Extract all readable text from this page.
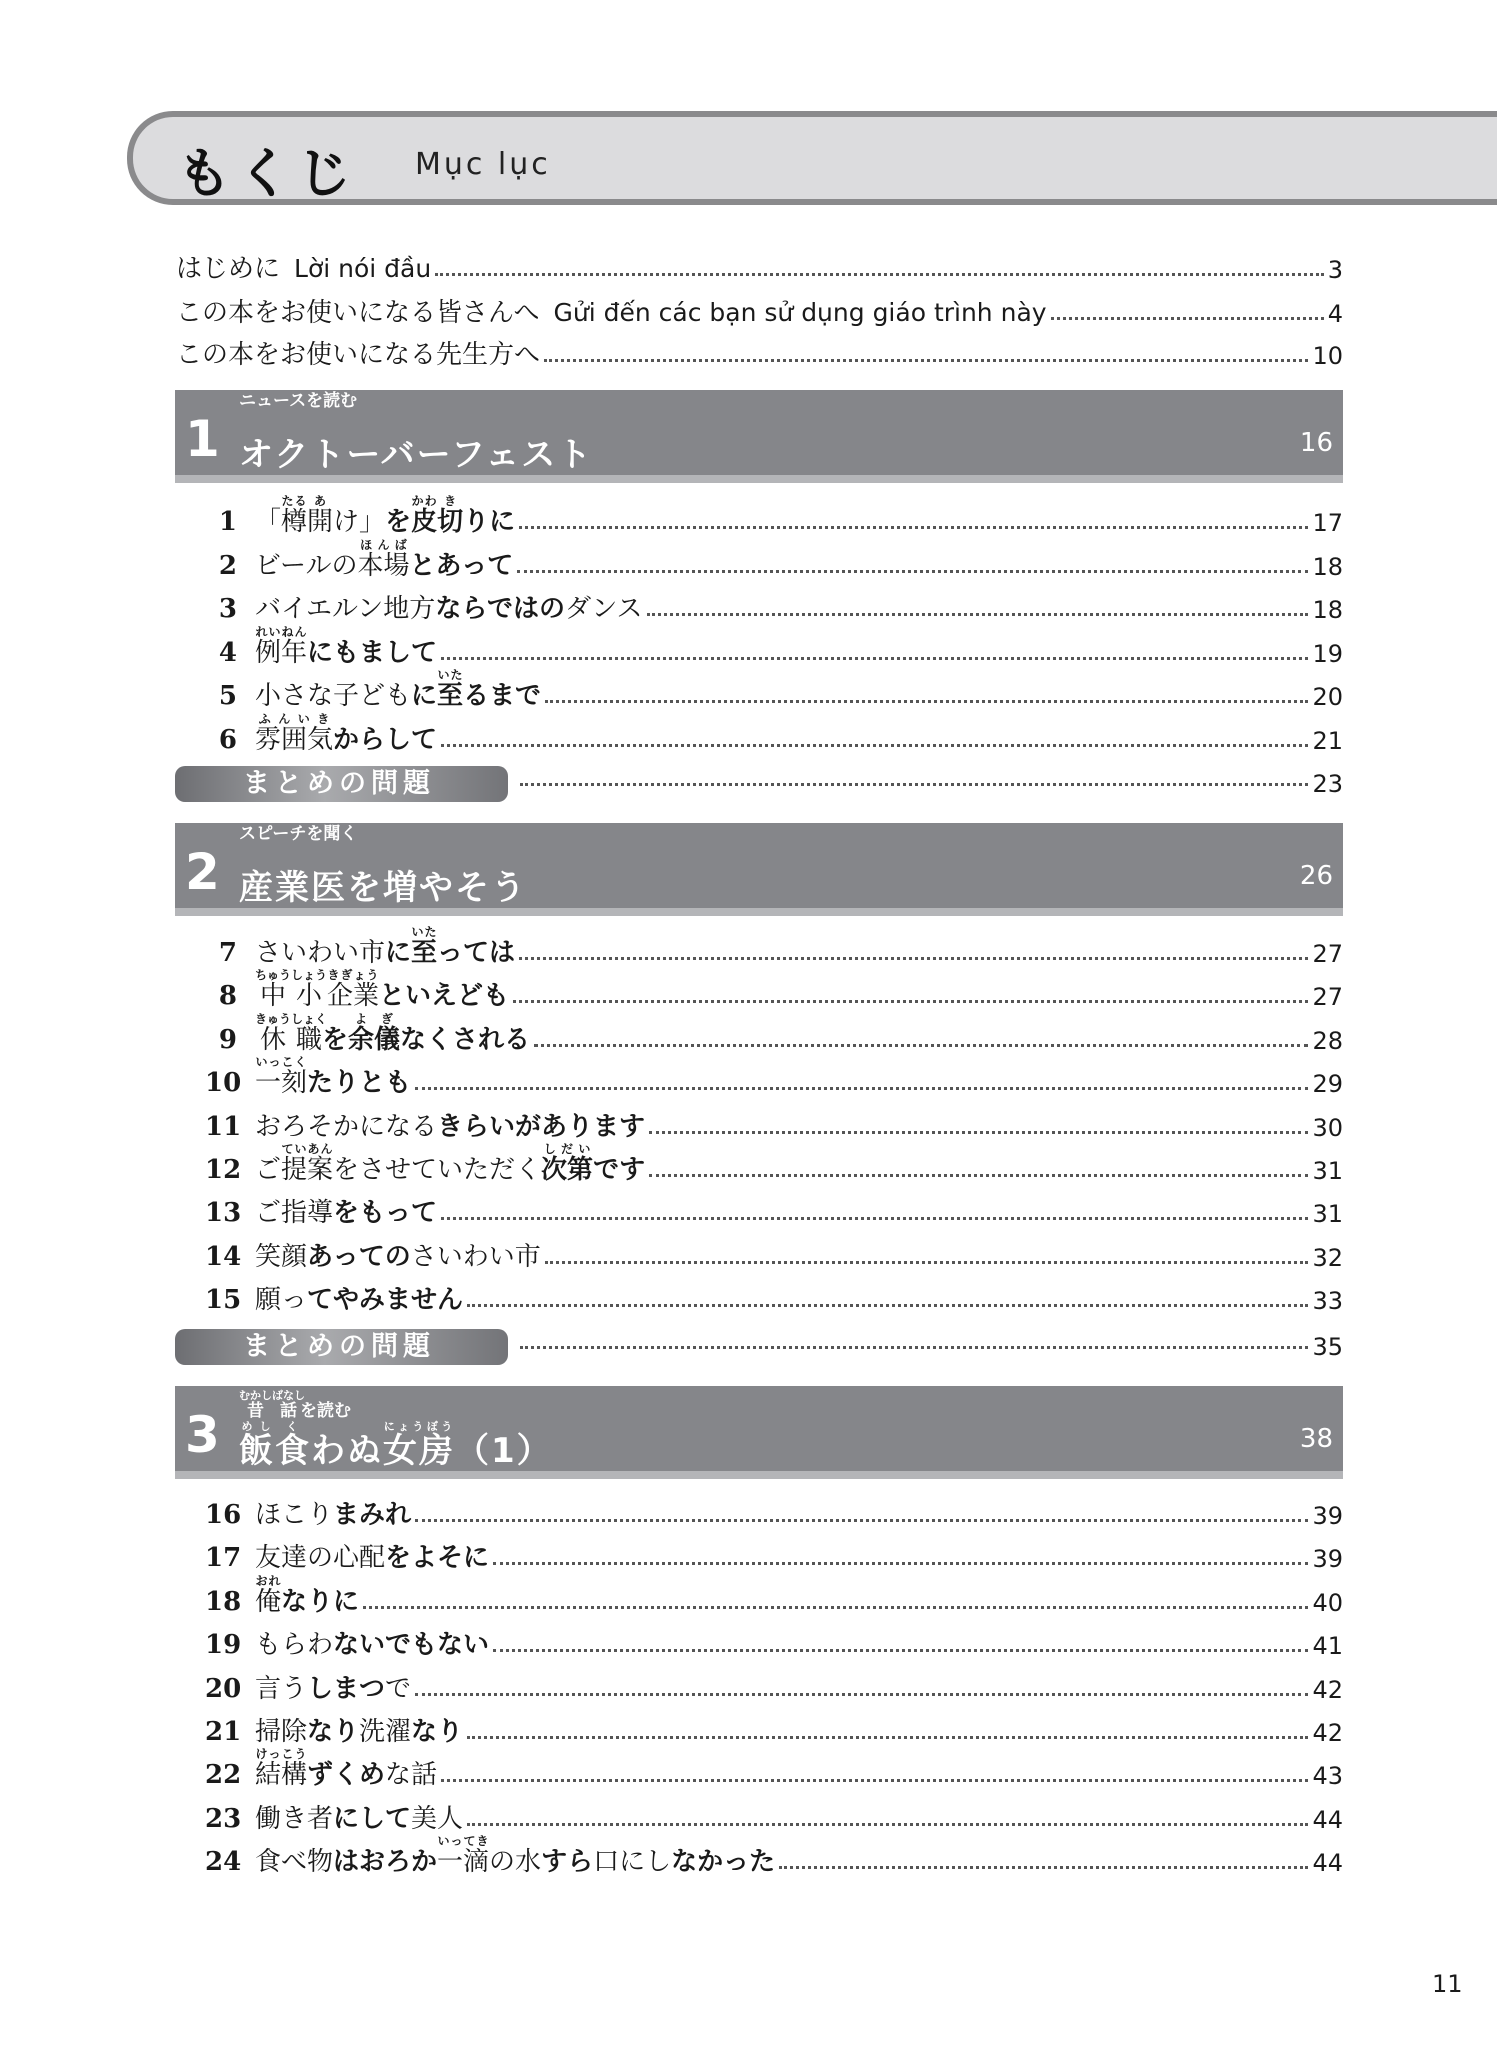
もくじ Mục lục
はじめに Lời nói đầu	3
この本をお使いになる皆さんへ Gửi đến các bạn sử dụng giáo trình này	4
この本をお使いになる先生方へ	10
1
ニュースを読む
オクトーバーフェスト	16
1 「樽たる開あけ」を皮かわ切きりに	17
2 ビールの本場ほんばとあって	18
3 バイエルン地方ならではのダンス	18
4 例年れいねんにもまして	19
5 小さな子どもに至いたるまで	20
6 雰囲気ふんいきからして	21
まとめの問題	23
2
スピーチを聞く
産業医を増やそう	26
7 さいわい市に至いたっては	27
8 中小ちゅうしょう企業きぎょうといえども	27
9 休職きゅうしょくを余儀よぎなくされる	28
10 一刻いっこくたりとも	29
11 おろそかになるきらいがあります	30
12 ご提案ていあんをさせていただく次第しだいです	31
13 ご指導をもって	31
14 笑顔あってのさいわい市	32
15 願ってやみません	33
まとめの問題	35
3 昔話むかしばなしを読む
飯めし食くわぬ女房にょうぼう（1）	38
16 ほこりまみれ	39
17 友達の心配をよそに	39
18 俺おれなりに	40
19 もらわないでもない	41
20 言うしまつで	42
21 掃除なり洗濯なり	42
22 結構けっこうずくめな話	43
23 働き者にして美人	44
24 食べ物はおろか一滴いってきの水すら口にしなかった	44
11
